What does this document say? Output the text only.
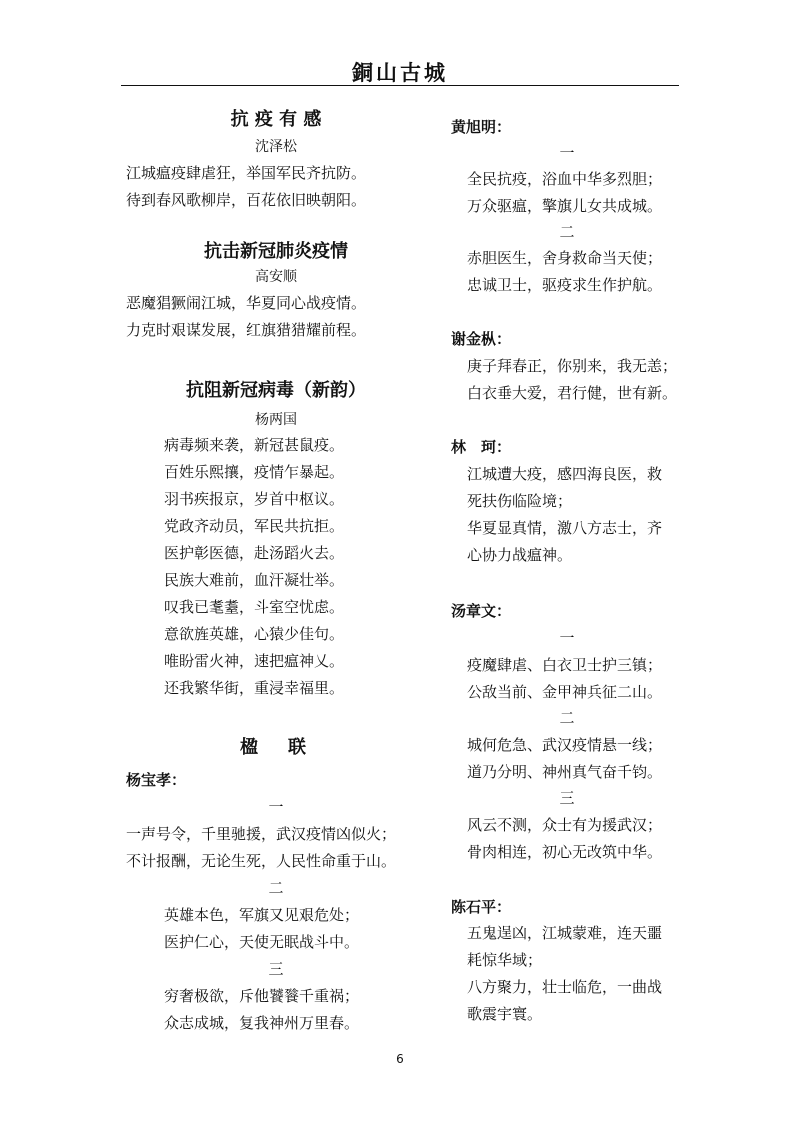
銅山古城
抗 疫 有 感
沈泽松
江城瘟疫肆虐狂，举国军民齐抗防。
待到春风歌柳岸，百花依旧映朝阳。
抗击新冠肺炎疫情
高安顺
恶魔猖獗闹江城，华夏同心战疫情。
力克时艰谋发展，红旗猎猎耀前程。
抗阻新冠病毒（新韵）
杨两国
病毒频来袭，新冠甚鼠疫。
百姓乐熙攘，疫情乍暴起。
羽书疾报京，岁首中枢议。
党政齐动员，军民共抗拒。
医护彰医德，赴汤蹈火去。
民族大难前，血汗凝壮举。
叹我已耄耋，斗室空忧虑。
意欲旌英雄，心猿少佳句。
唯盼雷火神，速把瘟神乂。
还我繁华街，重浸幸福里。
楹　联
杨宝孝：
一
一声号令，千里驰援，武汉疫情凶似火；
不计报酬，无论生死，人民性命重于山。
二
英雄本色，军旗又见艰危处；
医护仁心，天使无眠战斗中。
三
穷奢极欲，斥他饕餮千重祸；
众志成城，复我神州万里春。
黄旭明：
一
全民抗疫，浴血中华多烈胆；
万众驱瘟，擎旗儿女共成城。
二
赤胆医生，舍身救命当天使；
忠诚卫士，驱疫求生作护航。
谢金枞：
庚子拜春正，你别来，我无恙；
白衣垂大爱，君行健，世有新。
林　珂：
江城遭大疫，感四海良医，救
死扶伤临险境；
华夏显真情，激八方志士，齐
心协力战瘟神。
汤章文：
一
疫魔肆虐、白衣卫士护三镇；
公敌当前、金甲神兵征二山。
二
城何危急、武汉疫情悬一线；
道乃分明、神州真气奋千钧。
三
风云不测，众士有为援武汉；
骨肉相连，初心无改筑中华。
陈石平：
五鬼逞凶，江城蒙难，连天噩
耗惊华域；
八方聚力，壮士临危，一曲战
歌震宇寰。
6
